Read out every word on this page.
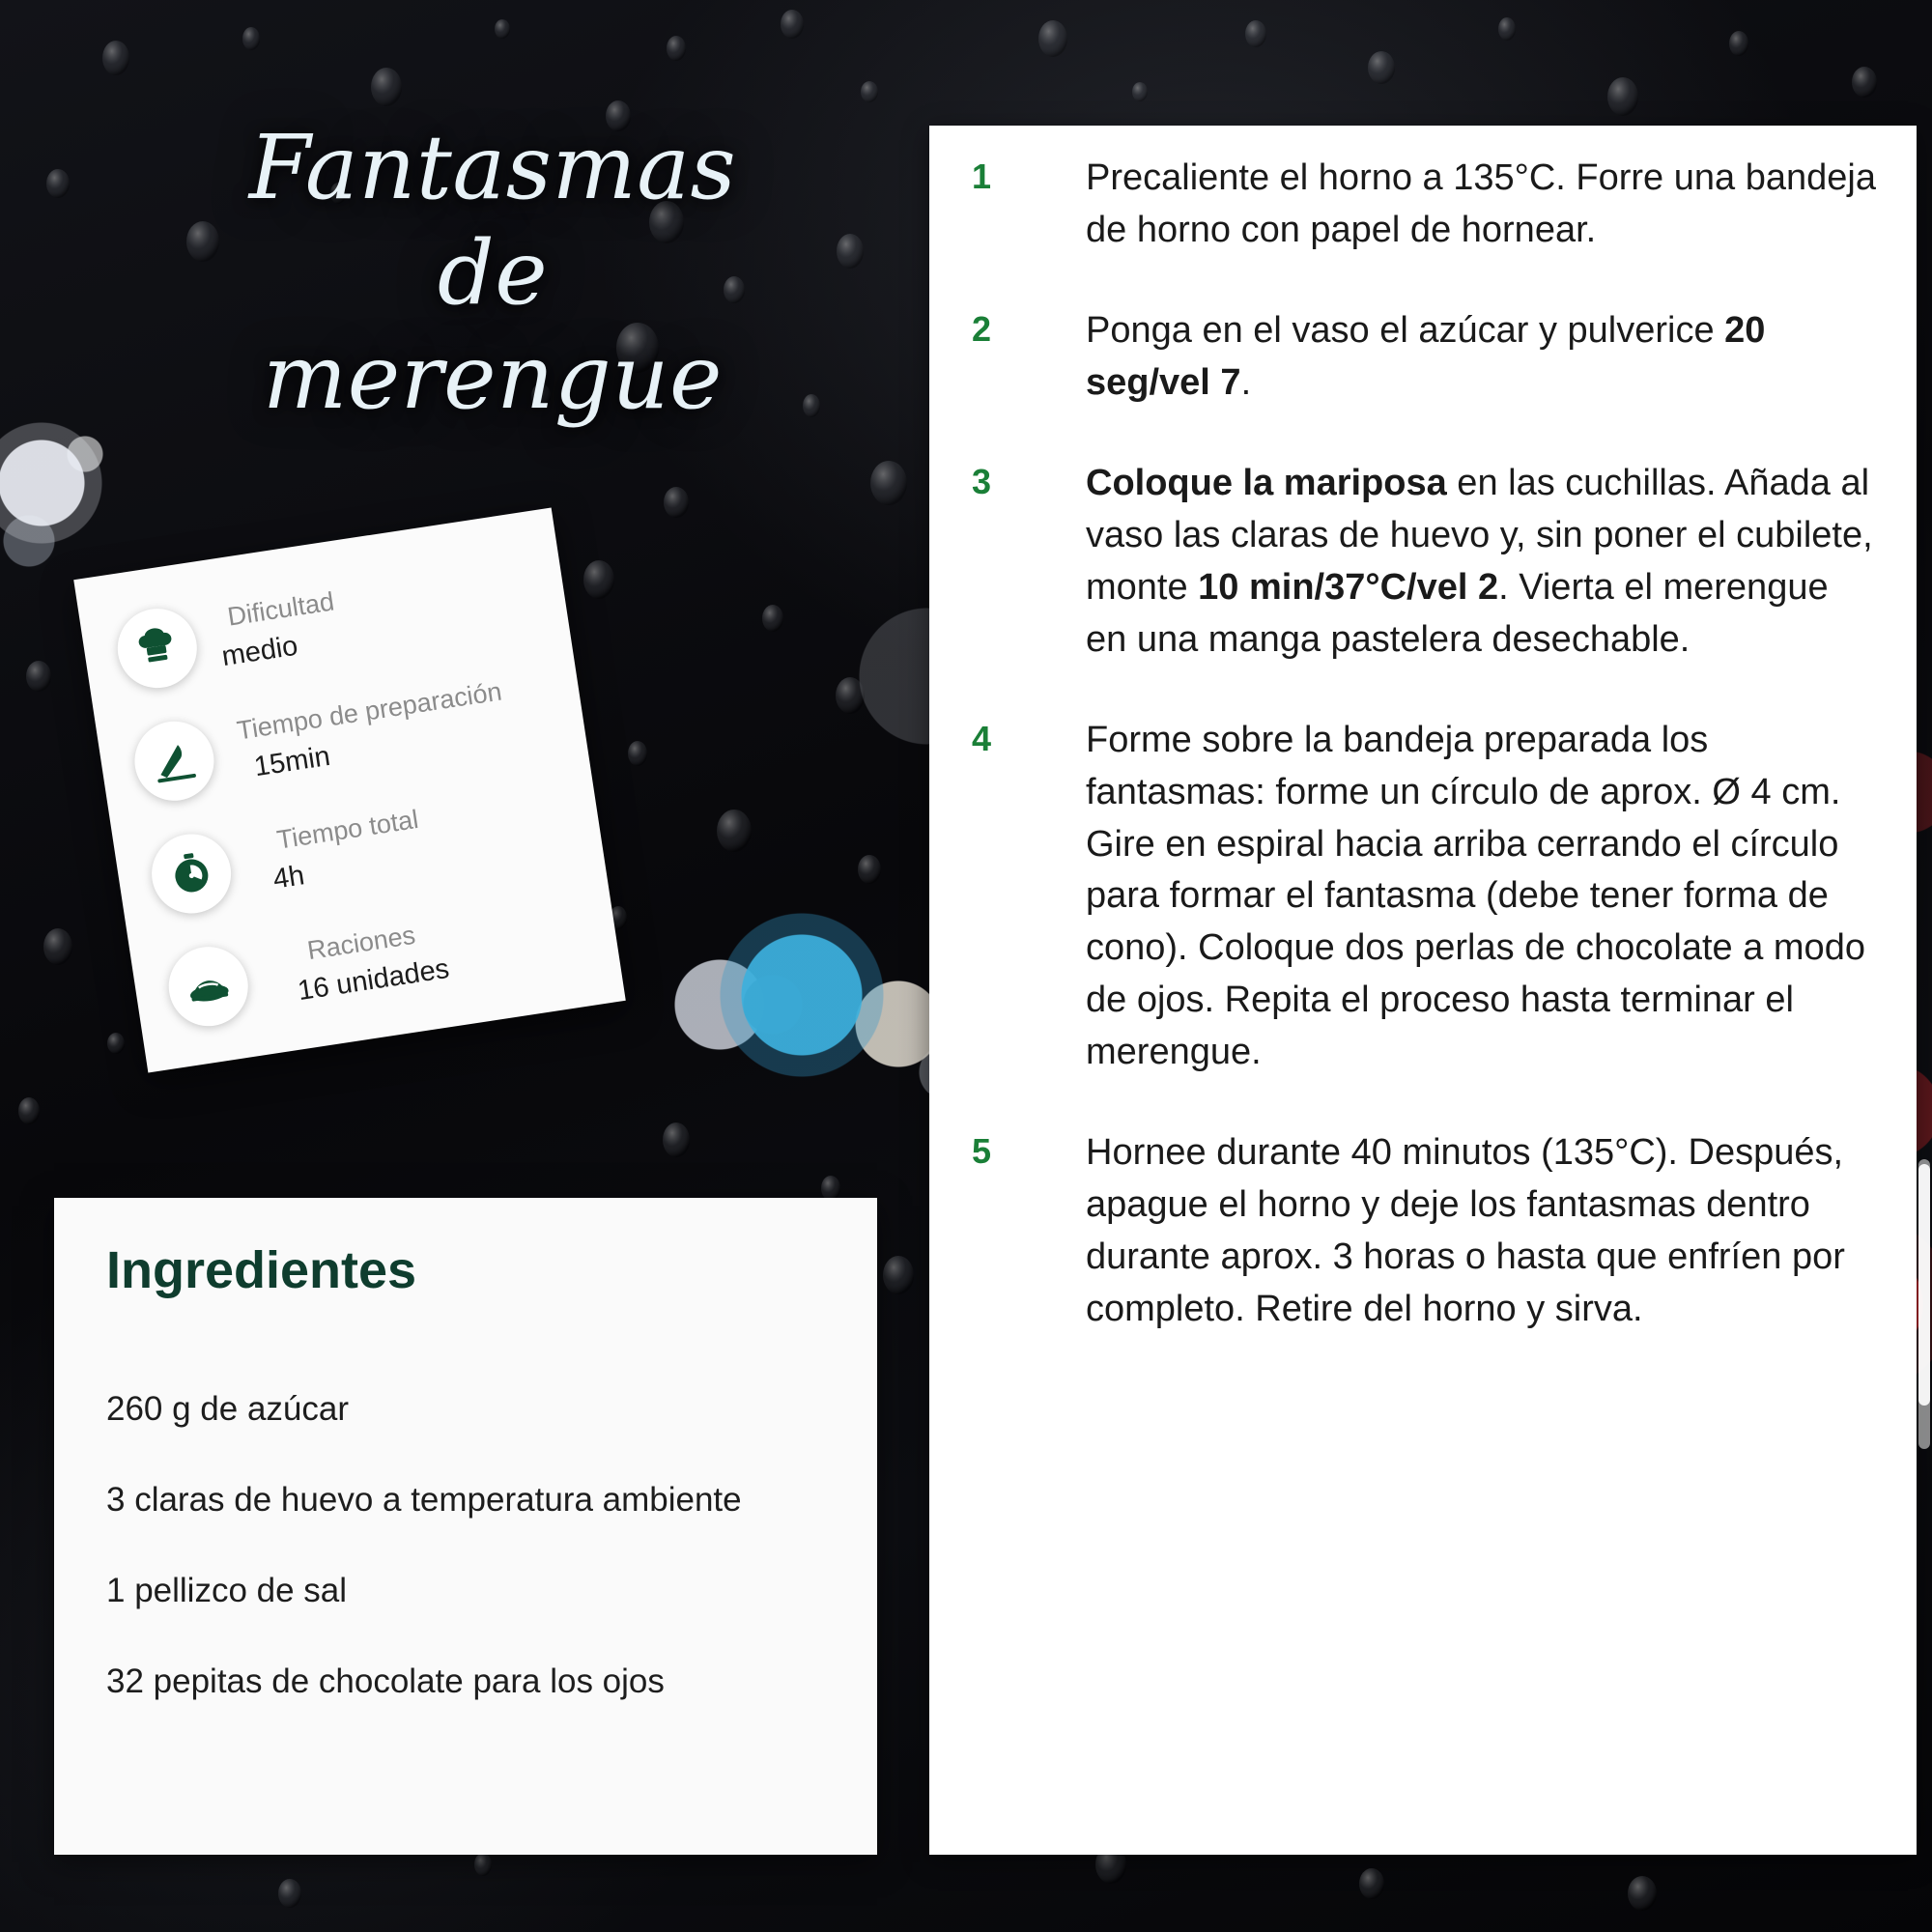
Fantasmas
de
merengue
Dificultad
medio
Tiempo de preparación
15min
Tiempo total
4h
Raciones
16 unidades
Ingredientes
260 g de azúcar
3 claras de huevo a temperatura ambiente
1 pellizco de sal
32 pepitas de chocolate para los ojos
1	Precaliente el horno a 135°C. Forre una bandeja de horno con papel de hornear.
2	Ponga en el vaso el azúcar y pulverice 20 seg/vel 7.
3	Coloque la mariposa en las cuchillas. Añada al vaso las claras de huevo y, sin poner el cubilete, monte 10 min/37°C/vel 2. Vierta el merengue en una manga pastelera desechable.
4	Forme sobre la bandeja preparada los fantasmas: forme un círculo de aprox. Ø 4 cm. Gire en espiral hacia arriba cerrando el círculo para formar el fantasma (debe tener forma de cono). Coloque dos perlas de chocolate a modo de ojos. Repita el proceso hasta terminar el merengue.
5	Hornee durante 40 minutos (135°C). Después, apague el horno y deje los fantasmas dentro durante aprox. 3 horas o hasta que enfríen por completo. Retire del horno y sirva.
